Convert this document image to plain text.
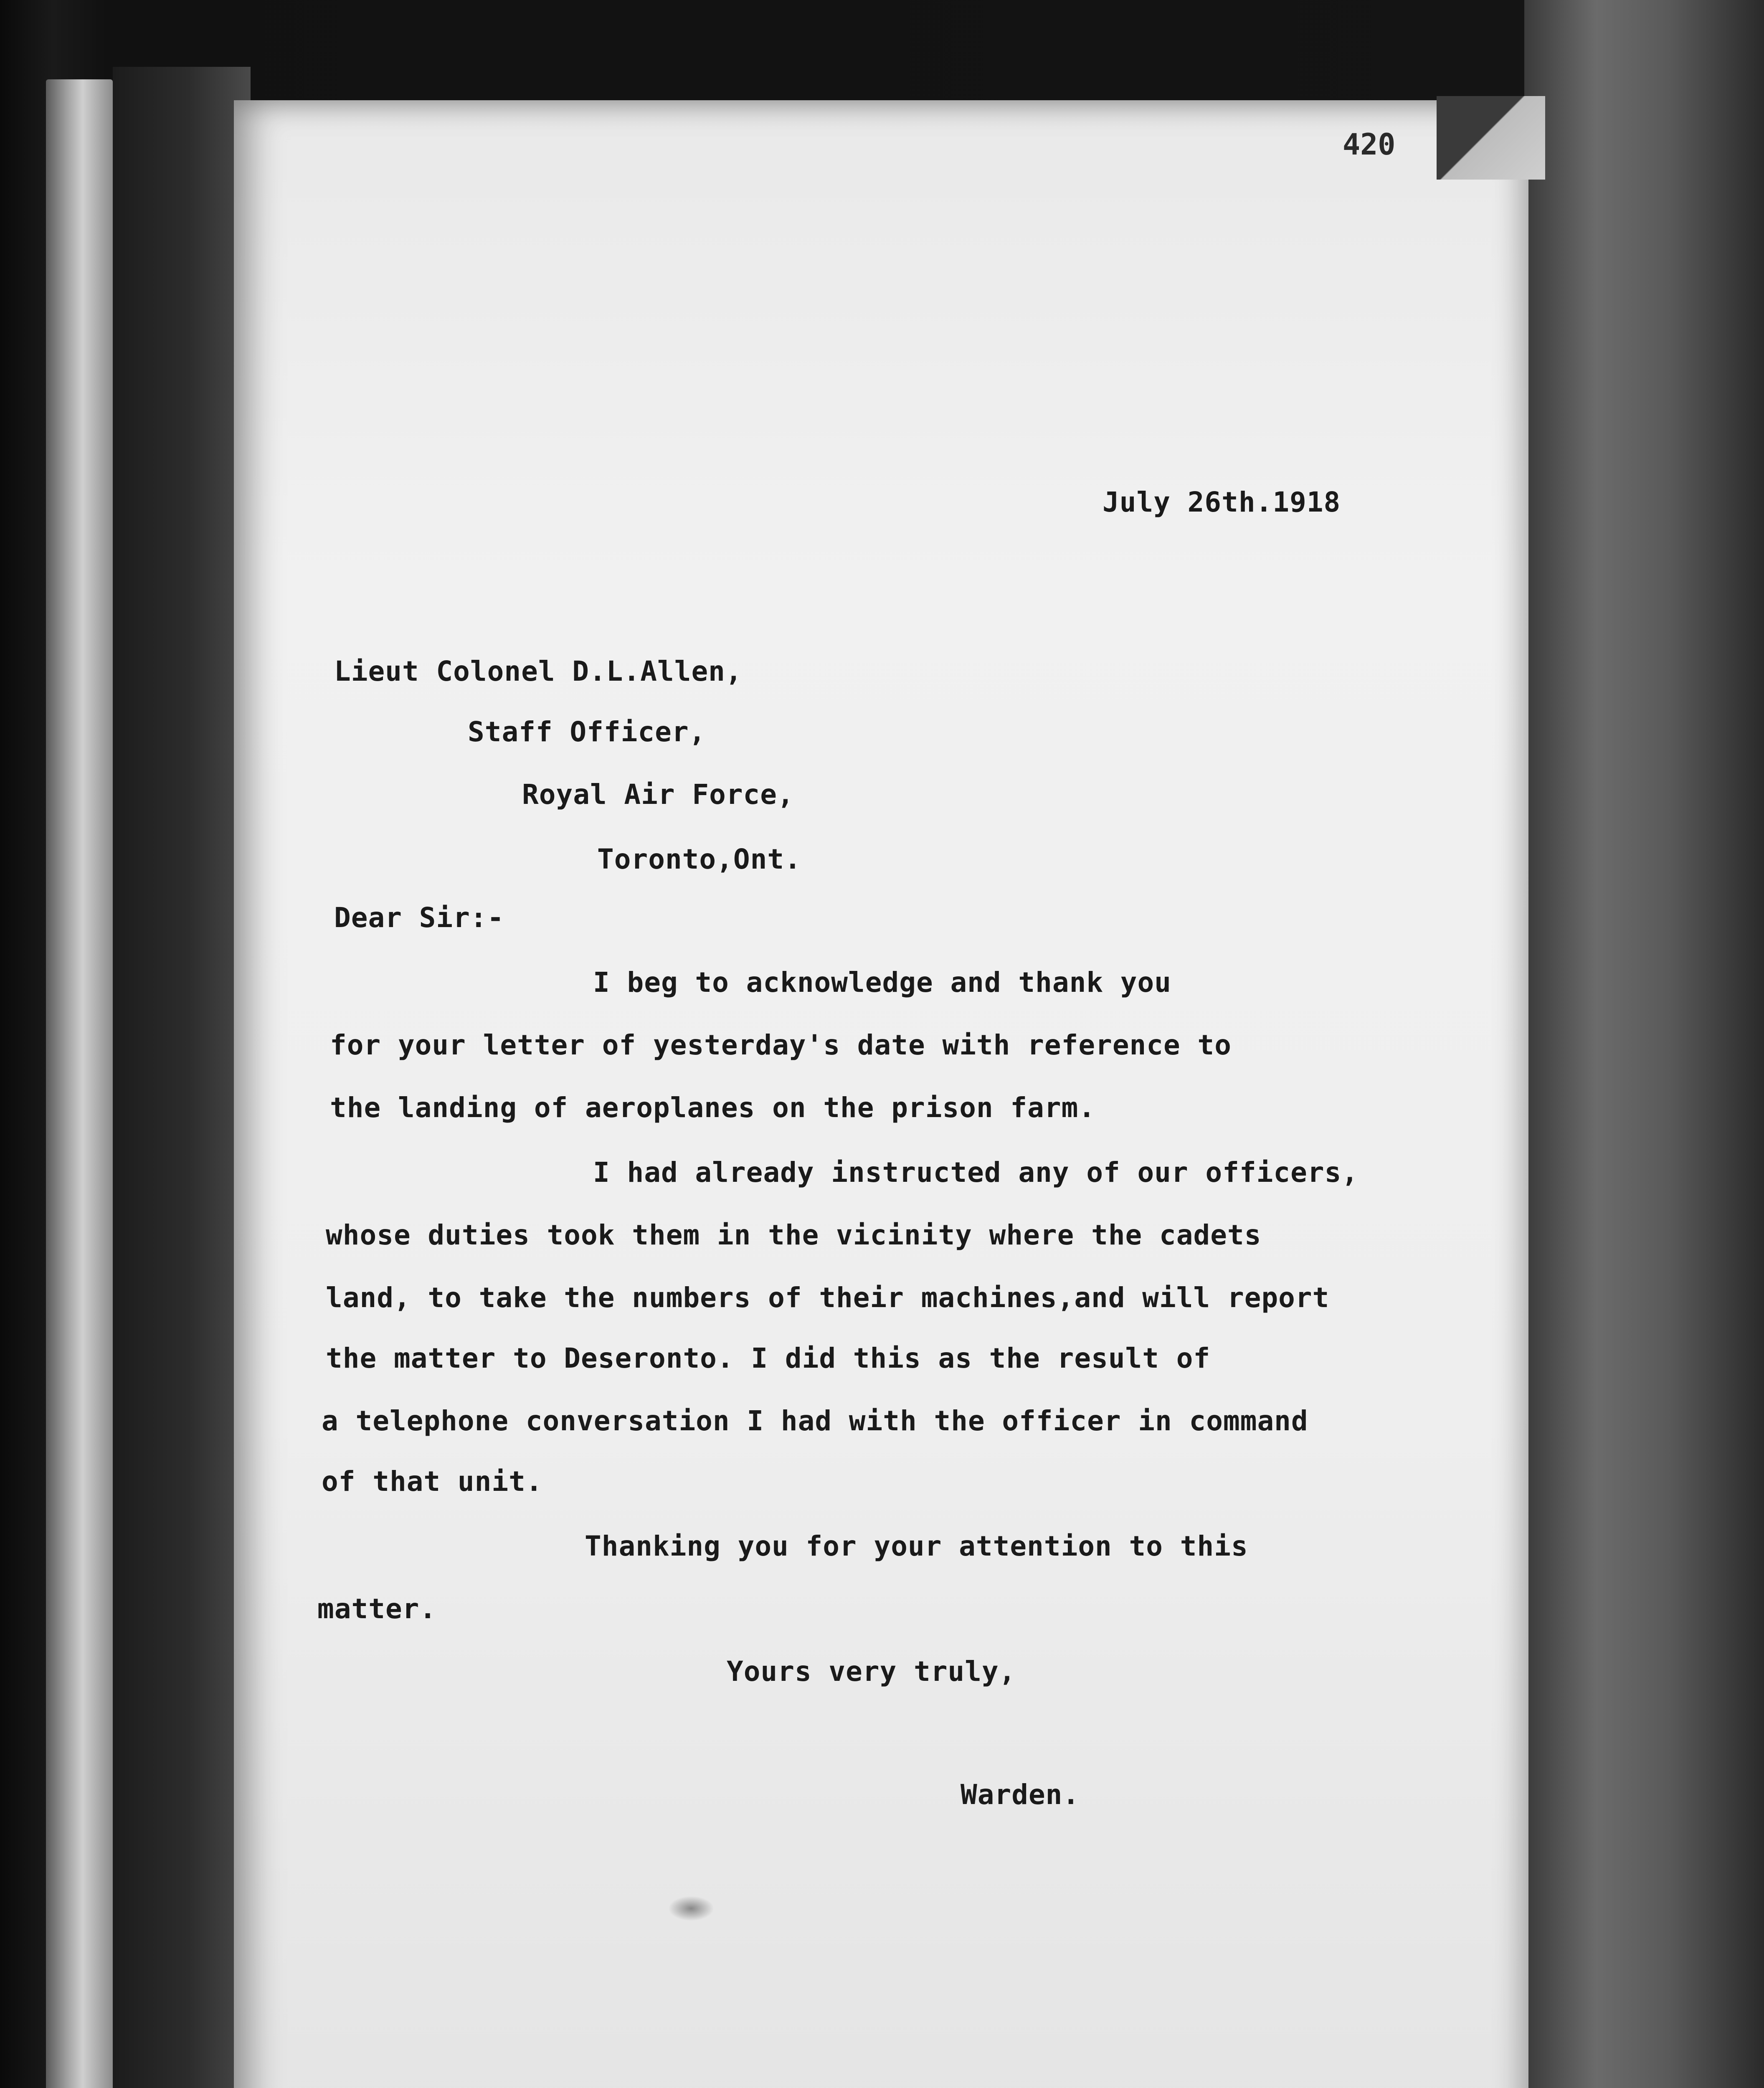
420
July 26th.1918
Lieut Colonel D.L.Allen,
Staff Officer,
Royal Air Force,
Toronto,Ont.
Dear Sir:-
I beg to acknowledge and thank you
for your letter of yesterday's date with reference to
the landing of aeroplanes on the prison farm.
I had already instructed any of our officers,
whose duties took them in the vicinity where the cadets
land, to take the numbers of their machines,and will report
the matter to Deseronto. I did this as the result of
a telephone conversation I had with the officer in command
of that unit.
Thanking you for your attention to this
matter.
Yours very truly,
Warden.
